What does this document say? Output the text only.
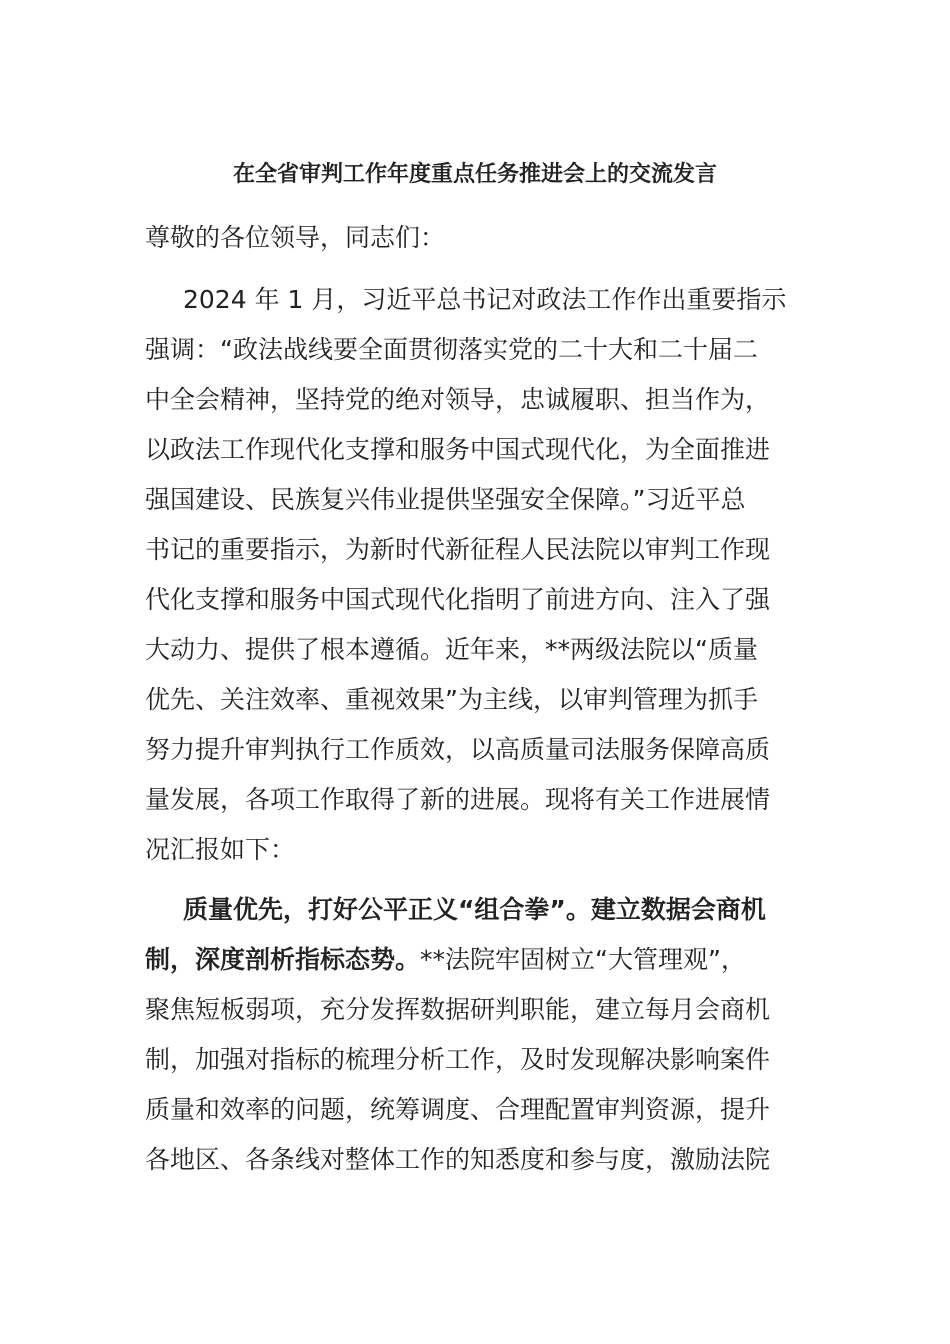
在全省审判工作年度重点任务推进会上的交流发言
尊敬的各位领导，同志们：
2024 年 1 月，习近平总书记对政法工作作出重要指示
强调：“政法战线要全面贯彻落实党的二十大和二十届二
中全会精神，坚持党的绝对领导，忠诚履职、担当作为，
以政法工作现代化支撑和服务中国式现代化，为全面推进
强国建设、民族复兴伟业提供坚强安全保障。”习近平总
书记的重要指示，为新时代新征程人民法院以审判工作现
代化支撑和服务中国式现代化指明了前进方向、注入了强
大动力、提供了根本遵循。近年来，**两级法院以“质量
优先、关注效率、重视效果”为主线，以审判管理为抓手
努力提升审判执行工作质效，以高质量司法服务保障高质
量发展，各项工作取得了新的进展。现将有关工作进展情
况汇报如下：
质量优先，打好公平正义“组合拳”。建立数据会商机
制，深度剖析指标态势。**法院牢固树立“大管理观”，
聚焦短板弱项，充分发挥数据研判职能，建立每月会商机
制，加强对指标的梳理分析工作，及时发现解决影响案件
质量和效率的问题，统筹调度、合理配置审判资源，提升
各地区、各条线对整体工作的知悉度和参与度，激励法院
